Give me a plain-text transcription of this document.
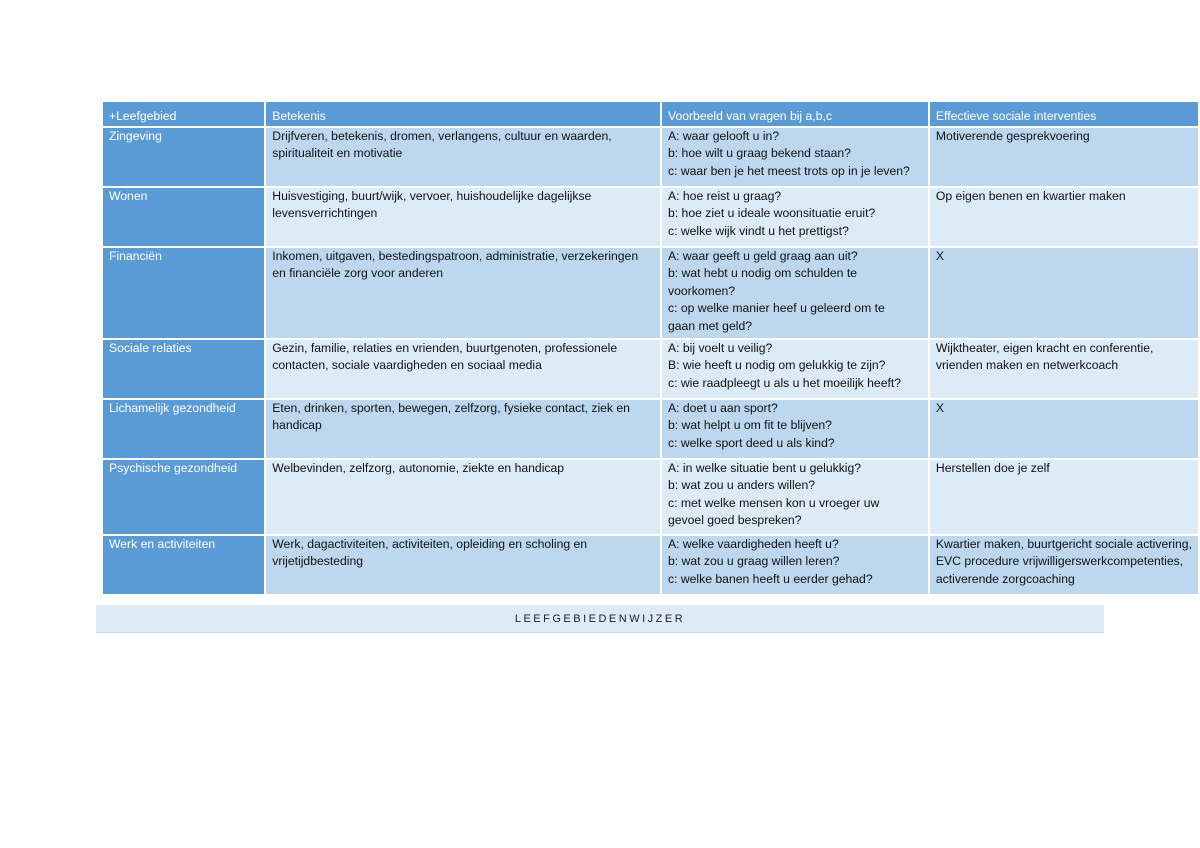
+Leefgebied	Betekenis	Voorbeeld van vragen bij a,b,c	Effectieve sociale interventies

Zingeving	Drijfveren, betekenis, dromen, verlangens, cultuur en waarden,
spiritualiteit en motivatie	A: waar gelooft u in?
b: hoe wilt u graag bekend staan?
c: waar ben je het meest trots op in je leven?	Motiverende gesprekvoering

Wonen	Huisvestiging, buurt/wijk, vervoer, huishoudelijke dagelijkse
levensverrichtingen	A: hoe reist u graag?
b: hoe ziet u ideale woonsituatie eruit?
c: welke wijk vindt u het prettigst?	Op eigen benen en kwartier maken

Financiën	Inkomen, uitgaven, bestedingspatroon, administratie, verzekeringen
en financiële zorg voor anderen	A: waar geeft u geld graag aan uit?
b: wat hebt u nodig om schulden te
voorkomen?
c: op welke manier heef u geleerd om te
gaan met geld?	X

Sociale relaties	Gezin, familie, relaties en vrienden, buurtgenoten, professionele
contacten, sociale vaardigheden en sociaal media	A: bij voelt u veilig?
B: wie heeft u nodig om gelukkig te zijn?
c: wie raadpleegt u als u het moeilijk heeft?	Wijktheater, eigen kracht en conferentie,
vrienden maken en netwerkcoach

Lichamelijk gezondheid	Eten, drinken, sporten, bewegen, zelfzorg, fysieke contact, ziek en
handicap	A: doet u aan sport?
b: wat helpt u om fit te blijven?
c: welke sport deed u als kind?	X

Psychische gezondheid	Welbevinden, zelfzorg, autonomie, ziekte en handicap	A: in welke situatie bent u gelukkig?
b: wat zou u anders willen?
c: met welke mensen kon u vroeger uw
gevoel goed bespreken?	Herstellen doe je zelf

Werk en activiteiten	Werk, dagactiviteiten, activiteiten, opleiding en scholing en
vrijetijdbesteding	A: welke vaardigheden heeft u?
b: wat zou u graag willen leren?
c: welke banen heeft u eerder gehad?	Kwartier maken, buurtgericht sociale activering,
EVC procedure vrijwilligerswerkcompetenties,
activerende zorgcoaching
LEEFGEBIEDENWIJZER
